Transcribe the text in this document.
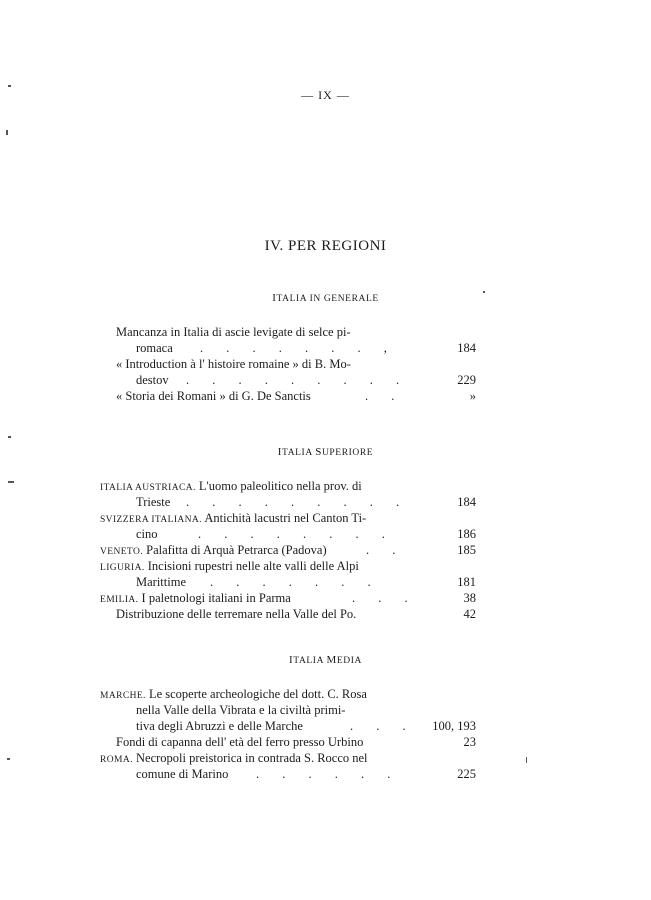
— IX —
IV. PER REGIONI
ITALIA IN GENERALE
Mancanza in Italia di ascie levigate di selce pi-
romaca . . . . . . . ,	184
« Introduction à l' histoire romaine » di B. Mo-
destov . . . . . . . . .	229
« Storia dei Romani » di G. De Sanctis	. .	»
ITALIA SUPERIORE
ITALIA AUSTRIACA. L'uomo paleolitico nella prov. di
Trieste . . . . . . . . .	184
SVIZZERA ITALIANA. Antichità lacustri nel Canton Ti-
cino	. . . . . . . .	186
VENETO. Palafitta di Arquà Petrarca (Padova)	. .	185
LIGURIA. Incisioni rupestri nelle alte valli delle Alpi
Marittime . . . . . . .	181
EMILIA. I paletnologi italiani in Parma	. . .	38
Distribuzione delle terremare nella Valle del Po.	42
ITALIA MEDIA
MARCHE. Le scoperte archeologiche del dott. C. Rosa
nella Valle della Vibrata e la civiltà primi-
tiva degli Abruzzi e delle Marche	. . .	100, 193
Fondi di capanna dell' età del ferro presso Urbino	23
ROMA. Necropoli preistorica in contrada S. Rocco nel
comune di Marino . . . . . .	225
